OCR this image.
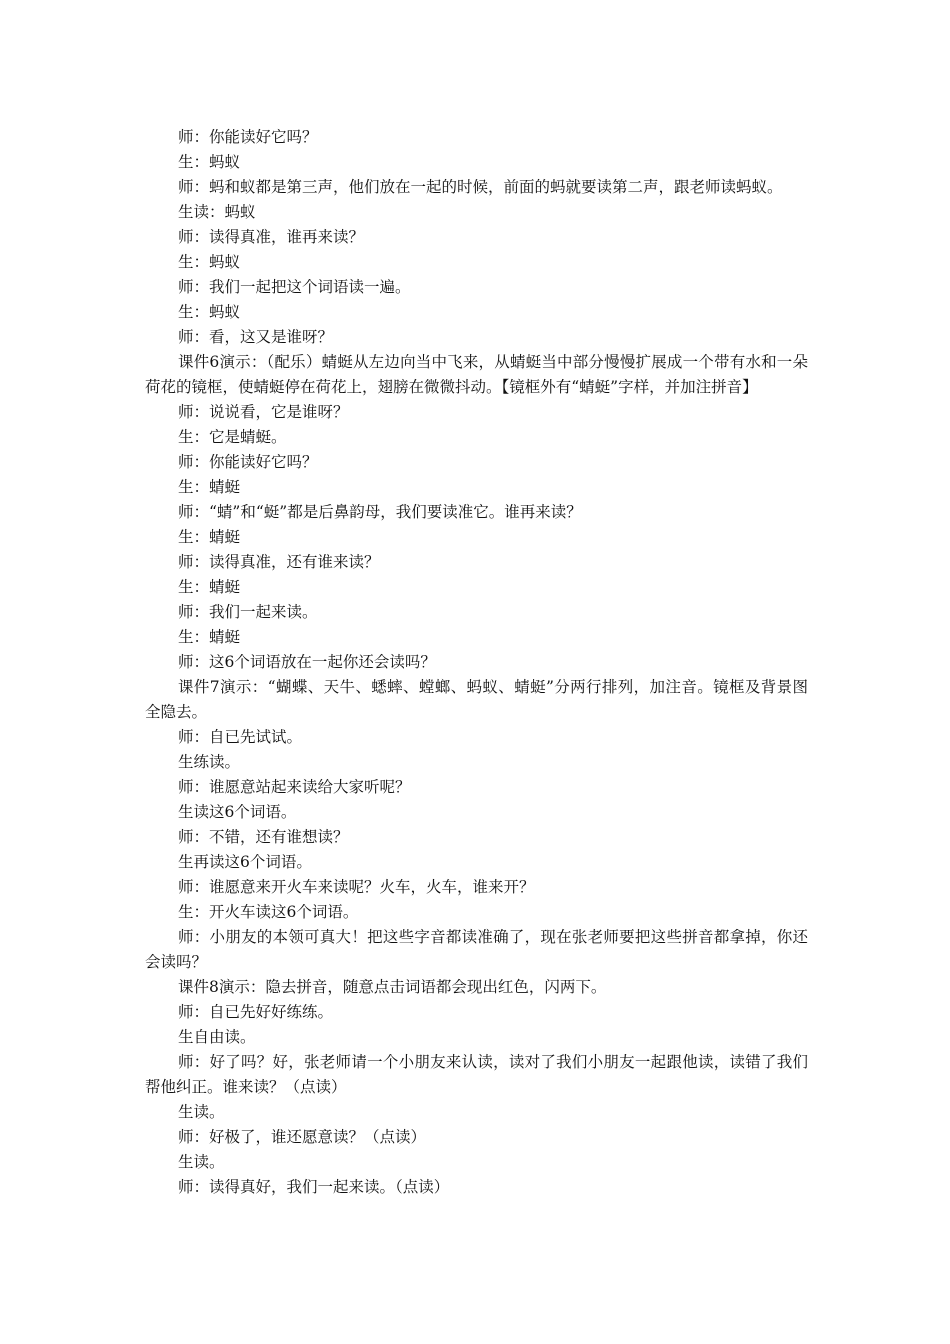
师：你能读好它吗？

生：蚂蚁

师：蚂和蚁都是第三声，他们放在一起的时候，前面的蚂就要读第二声，跟老师读蚂蚁。

生读：蚂蚁

师：读得真准，谁再来读？

生：蚂蚁

师：我们一起把这个词语读一遍。

生：蚂蚁

师：看，这又是谁呀？

课件6演示：（配乐）蜻蜓从左边向当中飞来，从蜻蜓当中部分慢慢扩展成一个带有水和一朵荷花的镜框，使蜻蜓停在荷花上，翅膀在微微抖动。【镜框外有“蜻蜓”字样，并加注拼音】

师：说说看，它是谁呀？

生：它是蜻蜓。

师：你能读好它吗？

生：蜻蜓

师：“蜻”和“蜓”都是后鼻韵母，我们要读准它。谁再来读？

生：蜻蜓

师：读得真准，还有谁来读？

生：蜻蜓

师：我们一起来读。

生：蜻蜓

师：这6个词语放在一起你还会读吗？

课件7演示：“蝴蝶、天牛、蟋蟀、螳螂、蚂蚁、蜻蜓”分两行排列，加注音。镜框及背景图全隐去。

师：自已先试试。

生练读。

师：谁愿意站起来读给大家听呢？

生读这6个词语。

师：不错，还有谁想读？

生再读这6个词语。

师：谁愿意来开火车来读呢？火车，火车，谁来开？

生：开火车读这6个词语。

师：小朋友的本领可真大！把这些字音都读准确了，现在张老师要把这些拼音都拿掉，你还会读吗？

课件8演示：隐去拼音，随意点击词语都会现出红色，闪两下。

师：自已先好好练练。

生自由读。

师：好了吗？好，张老师请一个小朋友来认读，读对了我们小朋友一起跟他读，读错了我们帮他纠正。谁来读？（点读）

生读。

师：好极了，谁还愿意读？（点读）

生读。

师：读得真好，我们一起来读。（点读）
